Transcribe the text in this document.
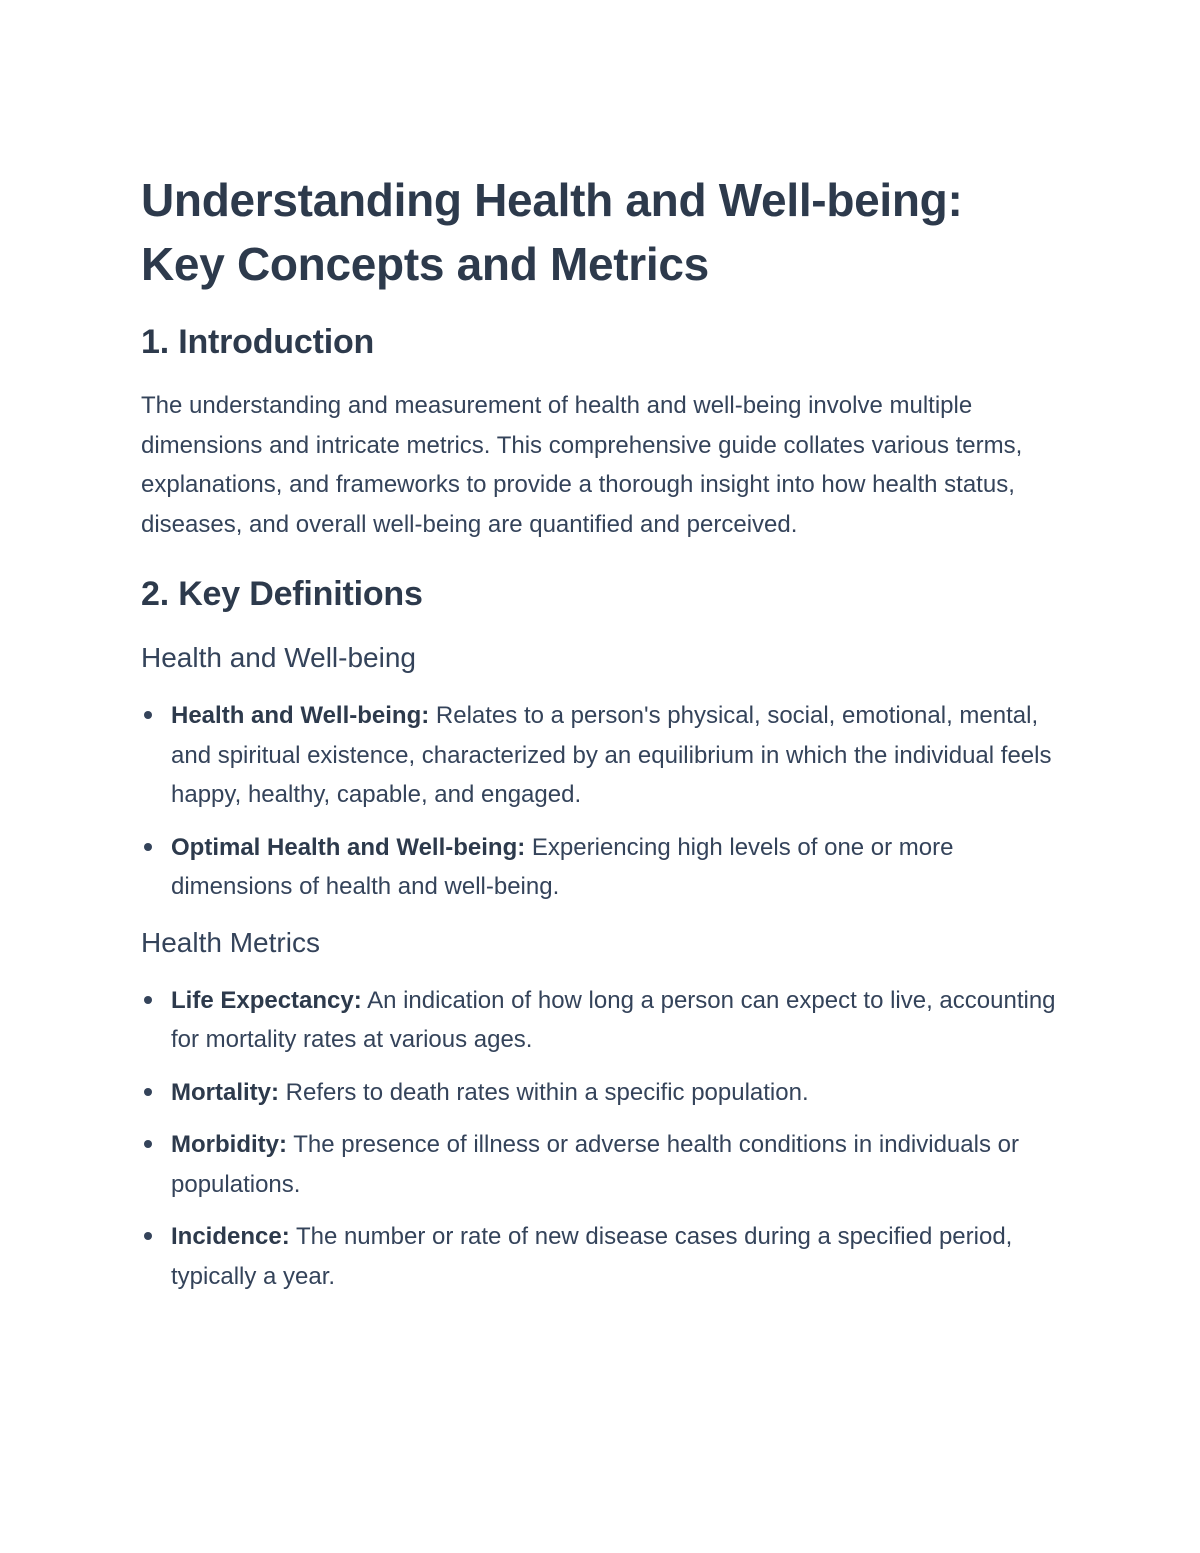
Understanding Health and Well-being:
Key Concepts and Metrics
1. Introduction

The understanding and measurement of health and well-being involve multiple dimensions and intricate metrics. This comprehensive guide collates various terms, explanations, and frameworks to provide a thorough insight into how health status, diseases, and overall well-being are quantified and perceived.

2. Key Definitions
Health and Well-being
Health and Well-being: Relates to a person's physical, social, emotional, mental, and spiritual existence, characterized by an equilibrium in which the individual feels happy, healthy, capable, and engaged.
Optimal Health and Well-being: Experiencing high levels of one or more dimensions of health and well-being.
Health Metrics
Life Expectancy: An indication of how long a person can expect to live, accounting for mortality rates at various ages.
Mortality: Refers to death rates within a specific population.
Morbidity: The presence of illness or adverse health conditions in individuals or populations.
Incidence: The number or rate of new disease cases during a specified period, typically a year.
